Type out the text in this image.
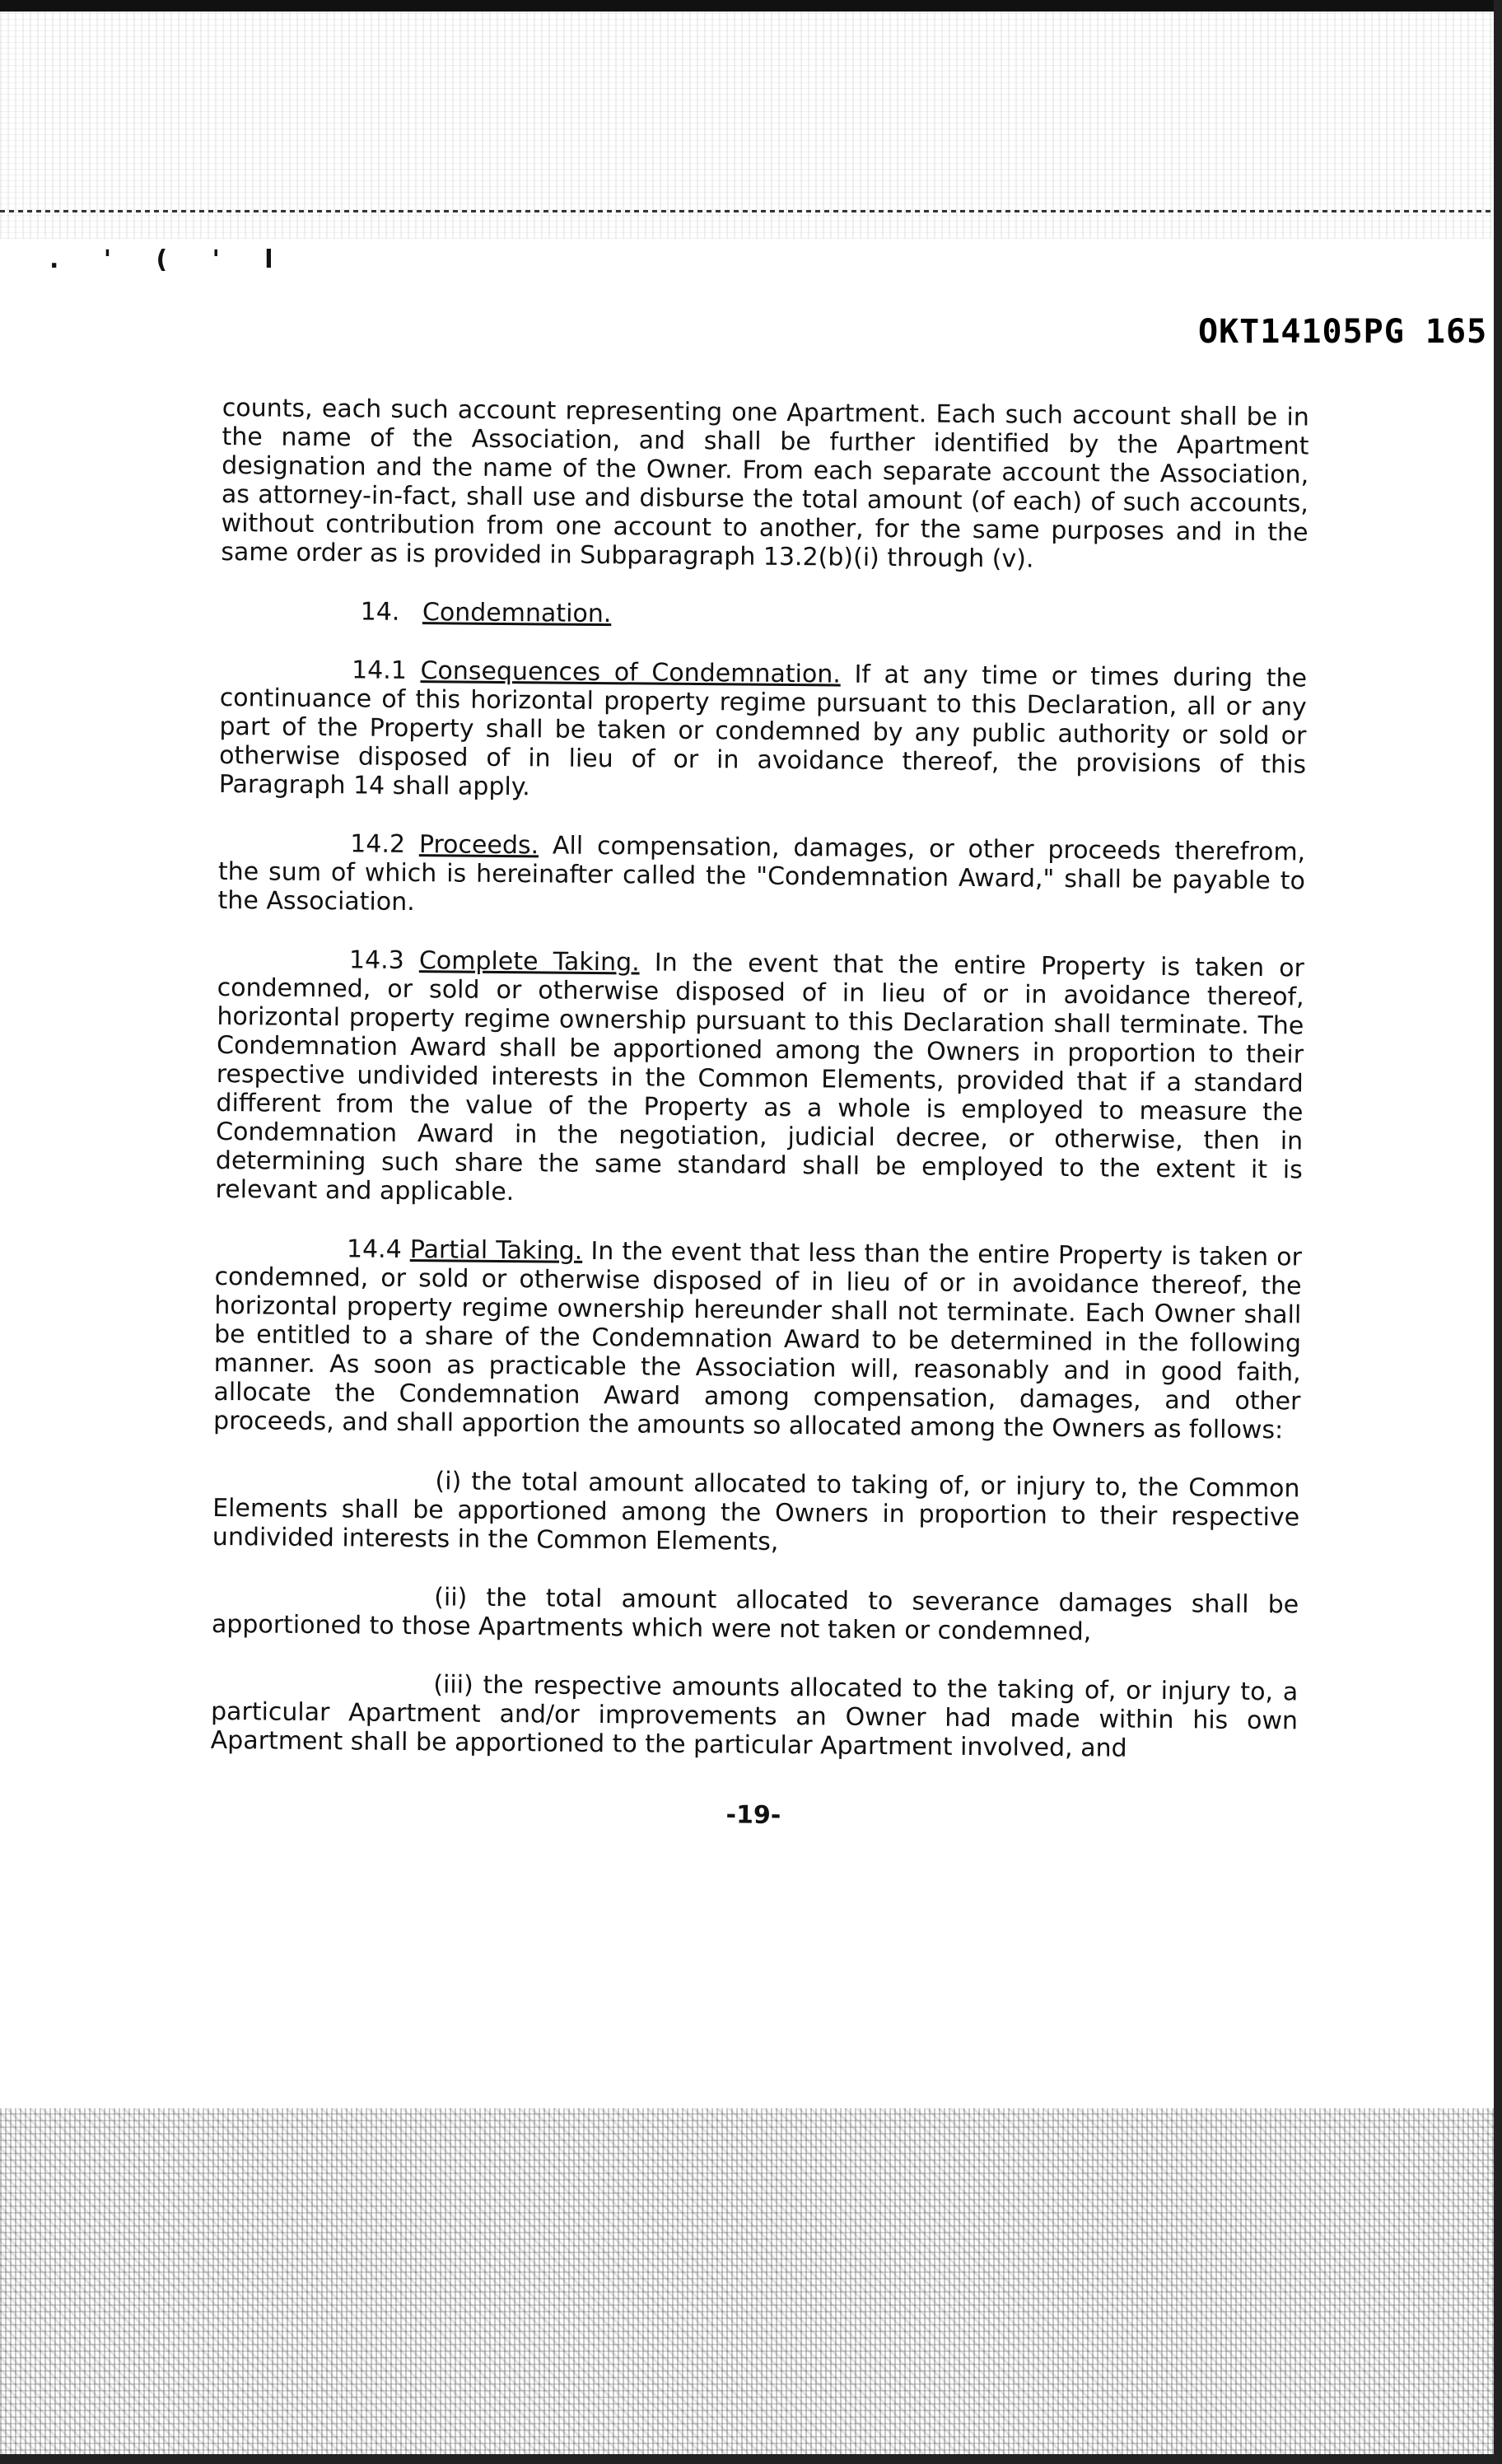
. ' ( ' l
OKT14105PG 165

counts, each such account representing one Apartment. Each such account shall be in the name of the Association, and shall be further identified by the Apartment designation and the name of the Owner. From each separate account the Association, as attorney-in-fact, shall use and disburse the total amount (of each) of such accounts, without contribution from one account to another, for the same purposes and in the same order as is provided in Subparagraph 13.2(b)(i) through (v).

14. Condemnation.

14.1 Consequences of Condemnation. If at any time or times during the continuance of this horizontal property regime pursuant to this Declaration, all or any part of the Property shall be taken or condemned by any public authority or sold or otherwise disposed of in lieu of or in avoidance thereof, the provisions of this Paragraph 14 shall apply.

14.2 Proceeds. All compensation, damages, or other proceeds therefrom, the sum of which is hereinafter called the "Condemnation Award," shall be payable to the Association.

14.3 Complete Taking. In the event that the entire Property is taken or condemned, or sold or otherwise disposed of in lieu of or in avoidance thereof, horizontal property regime ownership pursuant to this Declaration shall terminate. The Condemnation Award shall be apportioned among the Owners in proportion to their respective undivided interests in the Common Elements, provided that if a standard different from the value of the Property as a whole is employed to measure the Condemnation Award in the negotiation, judicial decree, or otherwise, then in determining such share the same standard shall be employed to the extent it is relevant and applicable.

14.4 Partial Taking. In the event that less than the entire Property is taken or condemned, or sold or otherwise disposed of in lieu of or in avoidance thereof, the horizontal property regime ownership hereunder shall not terminate. Each Owner shall be entitled to a share of the Condemnation Award to be determined in the following manner. As soon as practicable the Association will, reasonably and in good faith, allocate the Condemnation Award among compensation, damages, and other proceeds, and shall apportion the amounts so allocated among the Owners as follows:

(i) the total amount allocated to taking of, or injury to, the Common Elements shall be apportioned among the Owners in proportion to their respective undivided interests in the Common Elements,

(ii) the total amount allocated to severance damages shall be apportioned to those Apartments which were not taken or condemned,

(iii) the respective amounts allocated to the taking of, or injury to, a particular Apartment and/or improvements an Owner had made within his own Apartment shall be apportioned to the particular Apartment involved, and

-19-
